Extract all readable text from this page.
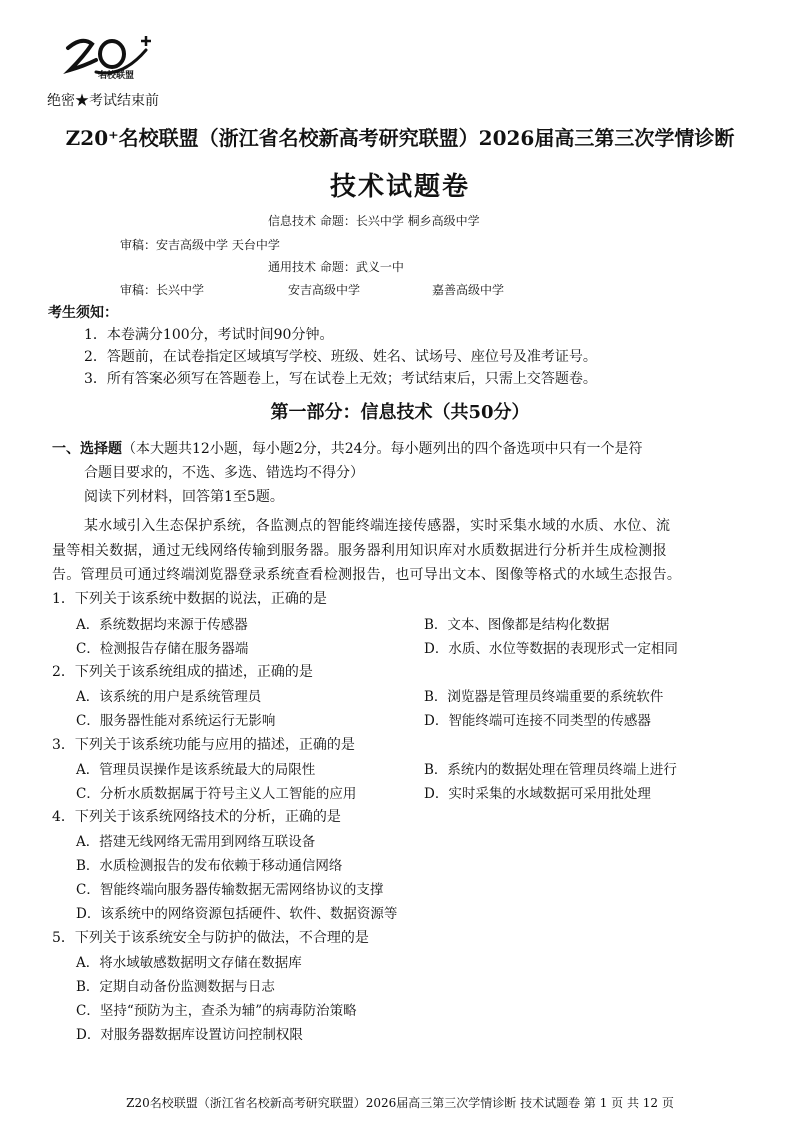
名校联盟
绝密★考试结束前
Z20⁺名校联盟（浙江省名校新高考研究联盟）2026届高三第三次学情诊断
技术试题卷
信息技术 命题：长兴中学 桐乡高级中学
审稿：安吉高级中学 天台中学
通用技术 命题：武义一中
审稿：长兴中学	安吉高级中学	嘉善高级中学
考生须知：
1．本卷满分100分，考试时间90分钟。
2．答题前，在试卷指定区域填写学校、班级、姓名、试场号、座位号及准考证号。
3．所有答案必须写在答题卷上，写在试卷上无效；考试结束后，只需上交答题卷。
第一部分：信息技术（共50分）
一、选择题（本大题共12小题，每小题2分，共24分。每小题列出的四个备选项中只有一个是符
合题目要求的，不选、多选、错选均不得分）
阅读下列材料，回答第1至5题。
某水域引入生态保护系统，各监测点的智能终端连接传感器，实时采集水域的水质、水位、流
量等相关数据，通过无线网络传输到服务器。服务器利用知识库对水质数据进行分析并生成检测报
告。管理员可通过终端浏览器登录系统查看检测报告，也可导出文本、图像等格式的水域生态报告。
1．下列关于该系统中数据的说法，正确的是
A．系统数据均来源于传感器	B．文本、图像都是结构化数据
C．检测报告存储在服务器端	D．水质、水位等数据的表现形式一定相同
2．下列关于该系统组成的描述，正确的是
A．该系统的用户是系统管理员	B．浏览器是管理员终端重要的系统软件
C．服务器性能对系统运行无影响	D．智能终端可连接不同类型的传感器
3．下列关于该系统功能与应用的描述，正确的是
A．管理员误操作是该系统最大的局限性	B．系统内的数据处理在管理员终端上进行
C．分析水质数据属于符号主义人工智能的应用	D．实时采集的水域数据可采用批处理
4．下列关于该系统网络技术的分析，正确的是
A．搭建无线网络无需用到网络互联设备
B．水质检测报告的发布依赖于移动通信网络
C．智能终端向服务器传输数据无需网络协议的支撑
D．该系统中的网络资源包括硬件、软件、数据资源等
5．下列关于该系统安全与防护的做法，不合理的是
A．将水域敏感数据明文存储在数据库
B．定期自动备份监测数据与日志
C．坚持“预防为主，查杀为辅”的病毒防治策略
D．对服务器数据库设置访问控制权限
Z20名校联盟（浙江省名校新高考研究联盟）2026届高三第三次学情诊断 技术试题卷 第 1 页 共 12 页
